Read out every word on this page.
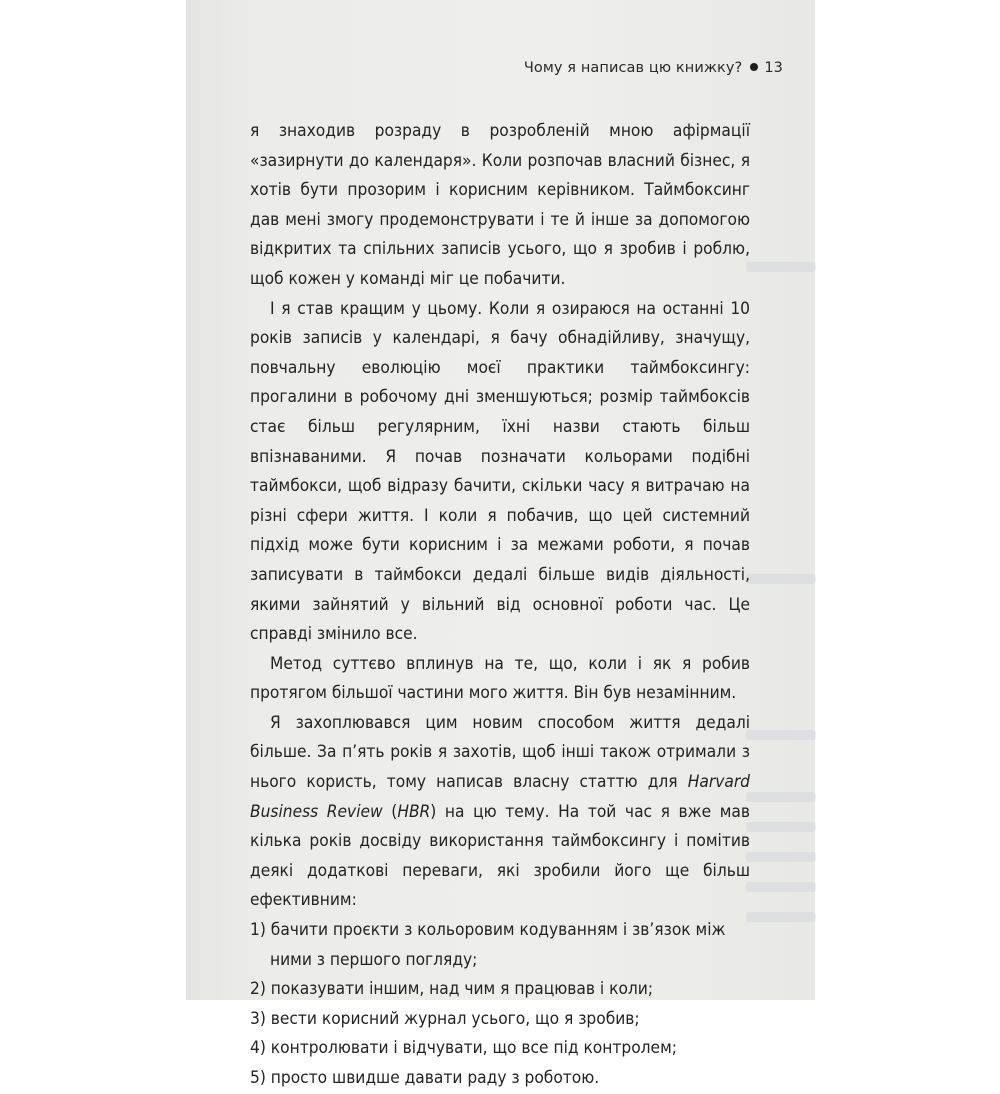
Чому я написав цю книжку? 13

я знаходив розраду в розробленій мною афірмації «зазирнути до календаря». Коли розпочав власний бізнес, я хотів бути прозорим і корисним керівником. Таймбоксинг дав мені змогу продемонструвати і те й інше за допомогою відкритих та спільних записів усього, що я зробив і роблю, щоб кожен у команді міг це побачити.

І я став кращим у цьому. Коли я озираюся на останні 10 років записів у календарі, я бачу обнадійливу, значущу, повчальну еволюцію моєї практики таймбоксингу: прогалини в робочому дні зменшуються; розмір таймбоксів стає більш регулярним, їхні назви стають більш впізнаваними. Я почав позначати кольорами подібні таймбокси, щоб відразу бачити, скільки часу я витрачаю на різні сфери життя. І коли я побачив, що цей системний підхід може бути корисним і за межами роботи, я почав записувати в таймбокси дедалі більше видів діяльності, якими зайнятий у вільний від основної роботи час. Це справді змінило все.

Метод суттєво вплинув на те, що, коли і як я робив протягом більшої частини мого життя. Він був незамінним.

Я захоплювався цим новим способом життя дедалі більше. За п’ять років я захотів, щоб інші також отримали з нього користь, тому написав власну статтю для Harvard Business Review (HBR) на цю тему. На той час я вже мав кілька років досвіду використання таймбоксингу і помітив деякі додаткові переваги, які зробили його ще більш ефективним:

1) бачити проєкти з кольоровим кодуванням і зв’язок між ними з першого погляду;

2) показувати іншим, над чим я працював і коли;

3) вести корисний журнал усього, що я зробив;

4) контролювати і відчувати, що все під контролем;

5) просто швидше давати раду з роботою.
